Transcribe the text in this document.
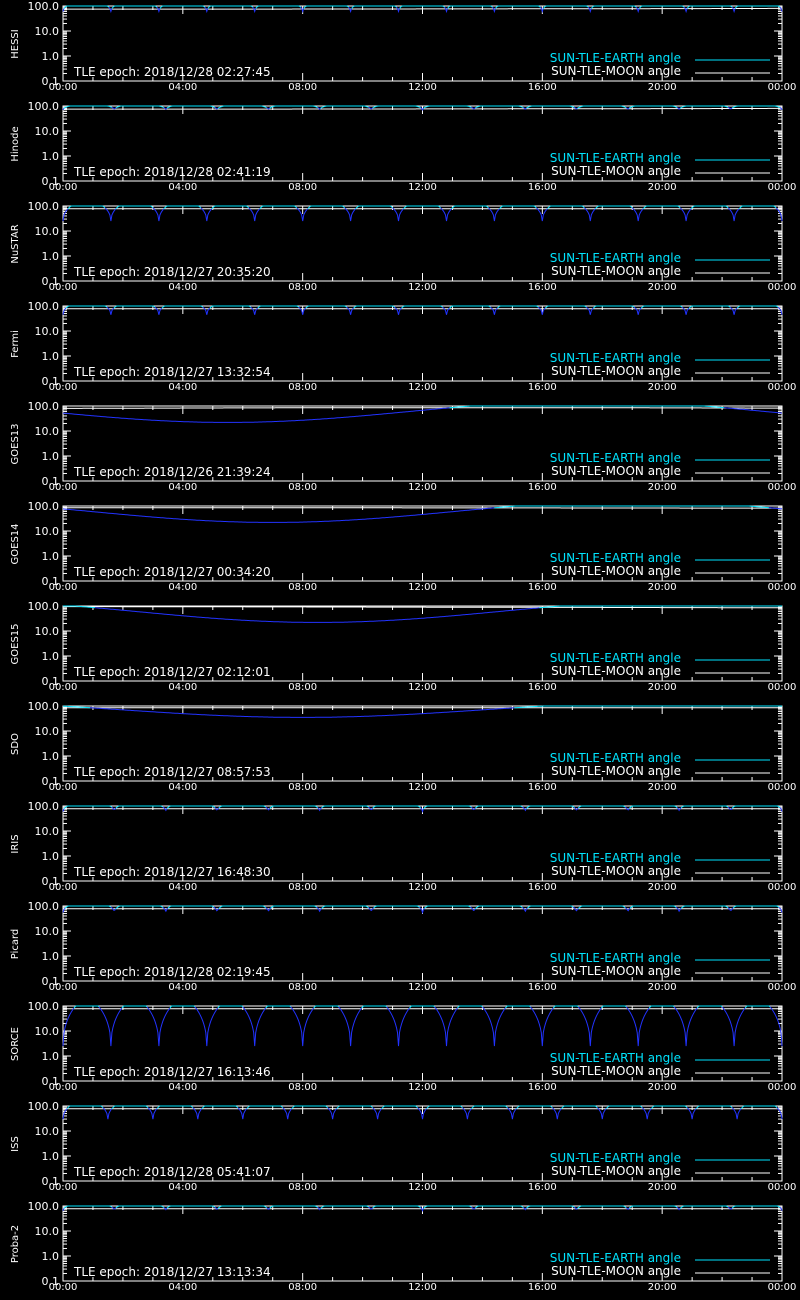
100.0
10.0
1.0
0.1
00:00	04:00	08:00	12:00	16:00	20:00	00:00
HESSI
TLE epoch: 2018/12/28 02:27:45
SUN-TLE-EARTH angle
SUN-TLE-MOON angle
100.0
10.0
1.0
0.1
00:00	04:00	08:00	12:00	16:00	20:00	00:00
Hinode
TLE epoch: 2018/12/28 02:41:19
SUN-TLE-EARTH angle
SUN-TLE-MOON angle
100.0
10.0
1.0
0.1
00:00	04:00	08:00	12:00	16:00	20:00	00:00
NuSTAR
TLE epoch: 2018/12/27 20:35:20
SUN-TLE-EARTH angle
SUN-TLE-MOON angle
100.0
10.0
1.0
0.1
00:00	04:00	08:00	12:00	16:00	20:00	00:00
Fermi
TLE epoch: 2018/12/27 13:32:54
SUN-TLE-EARTH angle
SUN-TLE-MOON angle
100.0
10.0
1.0
0.1
00:00	04:00	08:00	12:00	16:00	20:00	00:00
GOES13
TLE epoch: 2018/12/26 21:39:24
SUN-TLE-EARTH angle
SUN-TLE-MOON angle
100.0
10.0
1.0
0.1
00:00	04:00	08:00	12:00	16:00	20:00	00:00
GOES14
TLE epoch: 2018/12/27 00:34:20
SUN-TLE-EARTH angle
SUN-TLE-MOON angle
100.0
10.0
1.0
0.1
00:00	04:00	08:00	12:00	16:00	20:00	00:00
GOES15
TLE epoch: 2018/12/27 02:12:01
SUN-TLE-EARTH angle
SUN-TLE-MOON angle
100.0
10.0
1.0
0.1
00:00	04:00	08:00	12:00	16:00	20:00	00:00
SDO
TLE epoch: 2018/12/27 08:57:53
SUN-TLE-EARTH angle
SUN-TLE-MOON angle
100.0
10.0
1.0
0.1
00:00	04:00	08:00	12:00	16:00	20:00	00:00
IRIS
TLE epoch: 2018/12/27 16:48:30
SUN-TLE-EARTH angle
SUN-TLE-MOON angle
100.0
10.0
1.0
0.1
00:00	04:00	08:00	12:00	16:00	20:00	00:00
Picard
TLE epoch: 2018/12/28 02:19:45
SUN-TLE-EARTH angle
SUN-TLE-MOON angle
100.0
10.0
1.0
0.1
00:00	04:00	08:00	12:00	16:00	20:00	00:00
SORCE
TLE epoch: 2018/12/27 16:13:46
SUN-TLE-EARTH angle
SUN-TLE-MOON angle
100.0
10.0
1.0
0.1
00:00	04:00	08:00	12:00	16:00	20:00	00:00
ISS
TLE epoch: 2018/12/28 05:41:07
SUN-TLE-EARTH angle
SUN-TLE-MOON angle
100.0
10.0
1.0
0.1
00:00	04:00	08:00	12:00	16:00	20:00	00:00
Proba-2
TLE epoch: 2018/12/27 13:13:34
SUN-TLE-EARTH angle
SUN-TLE-MOON angle
